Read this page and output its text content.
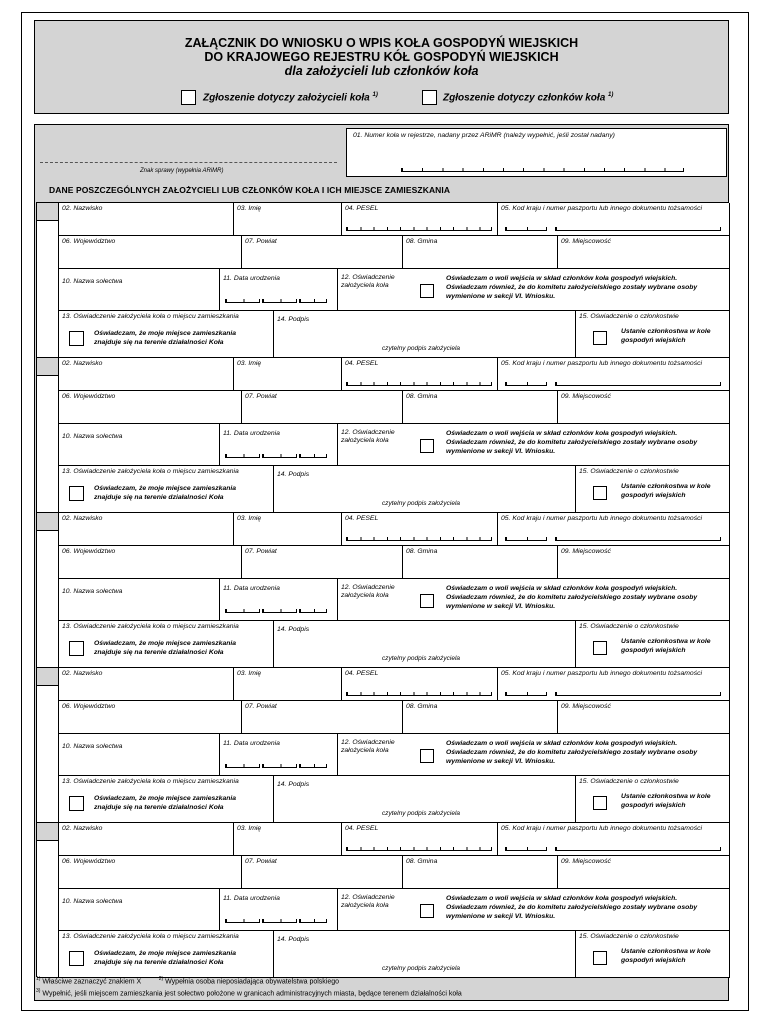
ZAŁĄCZNIK DO WNIOSKU O WPIS KOŁA GOSPODYŃ WIEJSKICH
DO KRAJOWEGO REJESTRU KÓŁ GOSPODYŃ WIEJSKICH
dla założycieli lub członków koła
Zgłoszenie dotyczy założycieli koła $^{1)}$	Zgłoszenie dotyczy członków koła $^{1)}$
Znak sprawy (wypełnia ARiMR)
01. Numer koła w rejestrze, nadany przez ARiMR (należy wypełnić, jeśli został nadany)
DANE POSZCZEGÓLNYCH ZAŁOŻYCIELI LUB CZŁONKÓW KOŁA I ICH MIEJSCE ZAMIESZKANIA
02. Nazwisko	03. Imię	04. PESEL	05. Kod kraju i numer paszportu lub innego dokumentu tożsamości
06. Województwo	07. Powiat	08. Gmina	09. Miejscowość
10. Nazwa sołectwa	11. Data urodzenia	12. Oświadczenie
założyciela koła
Oświadczam o woli wejścia w skład członków koła gospodyń wiejskich.
Oświadczam również, że do komitetu założycielskiego zostały wybrane osoby
wymienione w sekcji VI. Wniosku.
13. Oświadczenie założyciela koła o miejscu zamieszkania
Oświadczam, że moje miejsce zamieszkania
znajduje się na terenie działalności Koła
14. Podpis
czytelny podpis założyciela
15. Oświadczenie o członkostwie
Ustanie członkostwa w kole
gospodyń wiejskich
02. Nazwisko	03. Imię	04. PESEL	05. Kod kraju i numer paszportu lub innego dokumentu tożsamości
06. Województwo	07. Powiat	08. Gmina	09. Miejscowość
10. Nazwa sołectwa	11. Data urodzenia	12. Oświadczenie
założyciela koła
Oświadczam o woli wejścia w skład członków koła gospodyń wiejskich.
Oświadczam również, że do komitetu założycielskiego zostały wybrane osoby
wymienione w sekcji VI. Wniosku.
13. Oświadczenie założyciela koła o miejscu zamieszkania
Oświadczam, że moje miejsce zamieszkania
znajduje się na terenie działalności Koła
14. Podpis
czytelny podpis założyciela
15. Oświadczenie o członkostwie
Ustanie członkostwa w kole
gospodyń wiejskich
02. Nazwisko	03. Imię	04. PESEL	05. Kod kraju i numer paszportu lub innego dokumentu tożsamości
06. Województwo	07. Powiat	08. Gmina	09. Miejscowość
10. Nazwa sołectwa	11. Data urodzenia	12. Oświadczenie
założyciela koła
Oświadczam o woli wejścia w skład członków koła gospodyń wiejskich.
Oświadczam również, że do komitetu założycielskiego zostały wybrane osoby
wymienione w sekcji VI. Wniosku.
13. Oświadczenie założyciela koła o miejscu zamieszkania
Oświadczam, że moje miejsce zamieszkania
znajduje się na terenie działalności Koła
14. Podpis
czytelny podpis założyciela
15. Oświadczenie o członkostwie
Ustanie członkostwa w kole
gospodyń wiejskich
02. Nazwisko	03. Imię	04. PESEL	05. Kod kraju i numer paszportu lub innego dokumentu tożsamości
06. Województwo	07. Powiat	08. Gmina	09. Miejscowość
10. Nazwa sołectwa	11. Data urodzenia	12. Oświadczenie
założyciela koła
Oświadczam o woli wejścia w skład członków koła gospodyń wiejskich.
Oświadczam również, że do komitetu założycielskiego zostały wybrane osoby
wymienione w sekcji VI. Wniosku.
13. Oświadczenie założyciela koła o miejscu zamieszkania
Oświadczam, że moje miejsce zamieszkania
znajduje się na terenie działalności Koła
14. Podpis
czytelny podpis założyciela
15. Oświadczenie o członkostwie
Ustanie członkostwa w kole
gospodyń wiejskich
02. Nazwisko	03. Imię	04. PESEL	05. Kod kraju i numer paszportu lub innego dokumentu tożsamości
06. Województwo	07. Powiat	08. Gmina	09. Miejscowość
10. Nazwa sołectwa	11. Data urodzenia	12. Oświadczenie
założyciela koła
Oświadczam o woli wejścia w skład członków koła gospodyń wiejskich.
Oświadczam również, że do komitetu założycielskiego zostały wybrane osoby
wymienione w sekcji VI. Wniosku.
13. Oświadczenie założyciela koła o miejscu zamieszkania
Oświadczam, że moje miejsce zamieszkania
znajduje się na terenie działalności Koła
14. Podpis
czytelny podpis założyciela
15. Oświadczenie o członkostwie
Ustanie członkostwa w kole
gospodyń wiejskich
$^{1)}$ Właściwe zaznaczyć znakiem X	$^{2)}$ Wypełnia osoba nieposiadająca obywatelstwa polskiego
$^{3)}$ Wypełnić, jeśli miejscem zamieszkania jest sołectwo położone w granicach administracyjnych miasta, będące terenem działalności koła
